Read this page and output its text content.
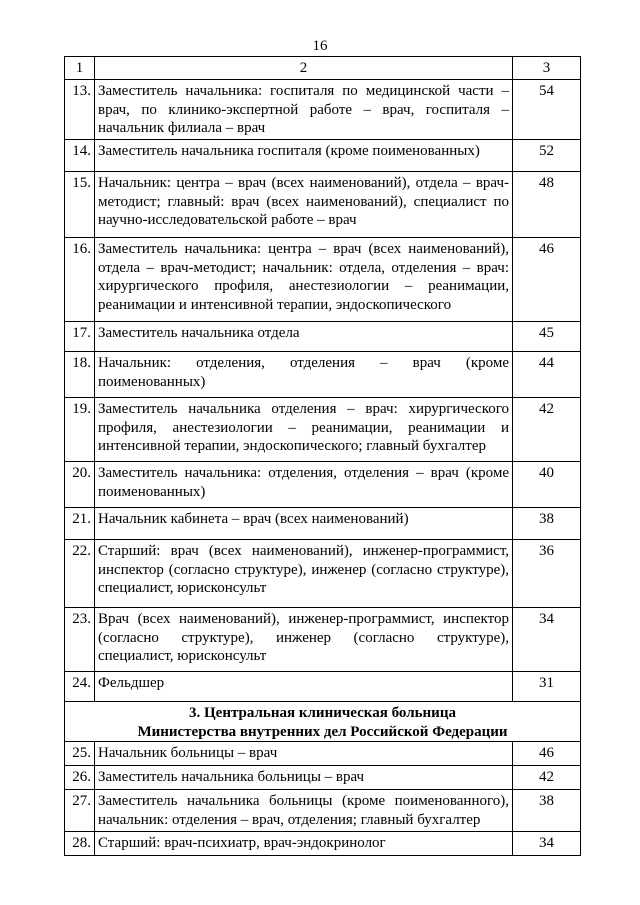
16
1	2	3
13.	Заместитель начальника: госпиталя по медицинской части – врач, по клинико-экспертной работе – врач, госпиталя – начальник филиала – врач	54
14.	Заместитель начальника госпиталя (кроме поименованных)	52
15.	Начальник: центра – врач (всех наименований), отдела – врач-методист; главный: врач (всех наименований), специалист по научно-исследовательской работе – врач	48
16.	Заместитель начальника: центра – врач (всех наименований), отдела – врач-методист; начальник: отдела, отделения – врач: хирургического профиля, анестезиологии – реанимации, реанимации и интенсивной терапии, эндоскопического	46
17.	Заместитель начальника отдела	45
18.	Начальник: отделения, отделения – врач (кроме поименованных)	44
19.	Заместитель начальника отделения – врач: хирургического профиля, анестезиологии – реанимации, реанимации и интенсивной терапии, эндоскопического; главный бухгалтер	42
20.	Заместитель начальника: отделения, отделения – врач (кроме поименованных)	40
21.	Начальник кабинета – врач (всех наименований)	38
22.	Старший: врач (всех наименований), инженер-программист, инспектор (согласно структуре), инженер (согласно структуре), специалист, юрисконсульт	36
23.	Врач (всех наименований), инженер-программист, инспектор (согласно структуре), инженер (согласно структуре), специалист, юрисконсульт	34
24.	Фельдшер	31

3. Центральная клиническая больница
Министерства внутренних дел Российской Федерации		

25.	Начальник больницы – врач	46
26.	Заместитель начальника больницы – врач	42
27.	Заместитель начальника больницы (кроме поименованного), начальник: отделения – врач, отделения; главный бухгалтер	38
28.	Старший: врач-психиатр, врач-эндокринолог	34
